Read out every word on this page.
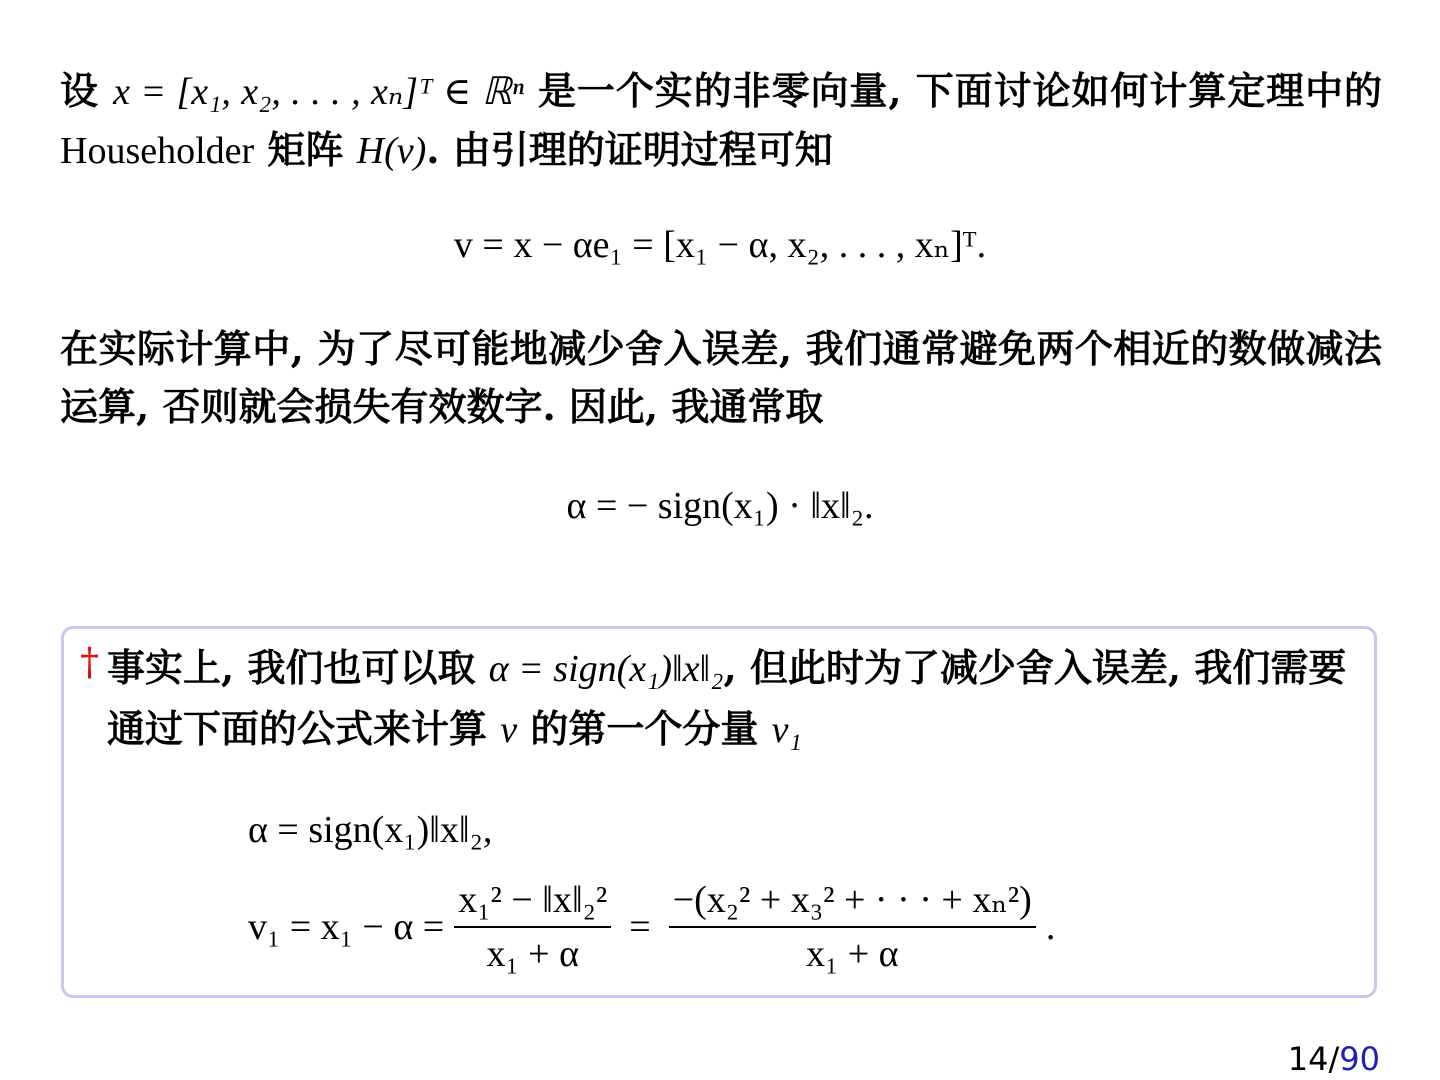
设 x = [x₁, x₂, . . . , xₙ]ᵀ ∈ ℝⁿ 是一个实的非零向量, 下面讨论如何计算定理中的 Householder 矩阵 H(v). 由引理的证明过程可知
v = x − αe₁ = [x₁ − α, x₂, . . . , xₙ]ᵀ.
在实际计算中, 为了尽可能地减少舍入误差, 我们通常避免两个相近的数做减法运算, 否则就会损失有效数字. 因此, 我通常取
α = − sign(x₁) · ‖x‖₂.
† 事实上, 我们也可以取 α = sign(x₁)‖x‖₂, 但此时为了减少舍入误差, 我们需要通过下面的公式来计算 v 的第一个分量 v₁
α = sign(x₁)‖x‖₂,
$v_1 = x_1 - \alpha = \frac{\text{x₁² − ‖x‖₂²}}{\text{x₁ + α}} = \frac{\text{−(x₂² + x₃² + · · · + xₙ²)}}{\text{x₁ + α}}$ .
14/90
